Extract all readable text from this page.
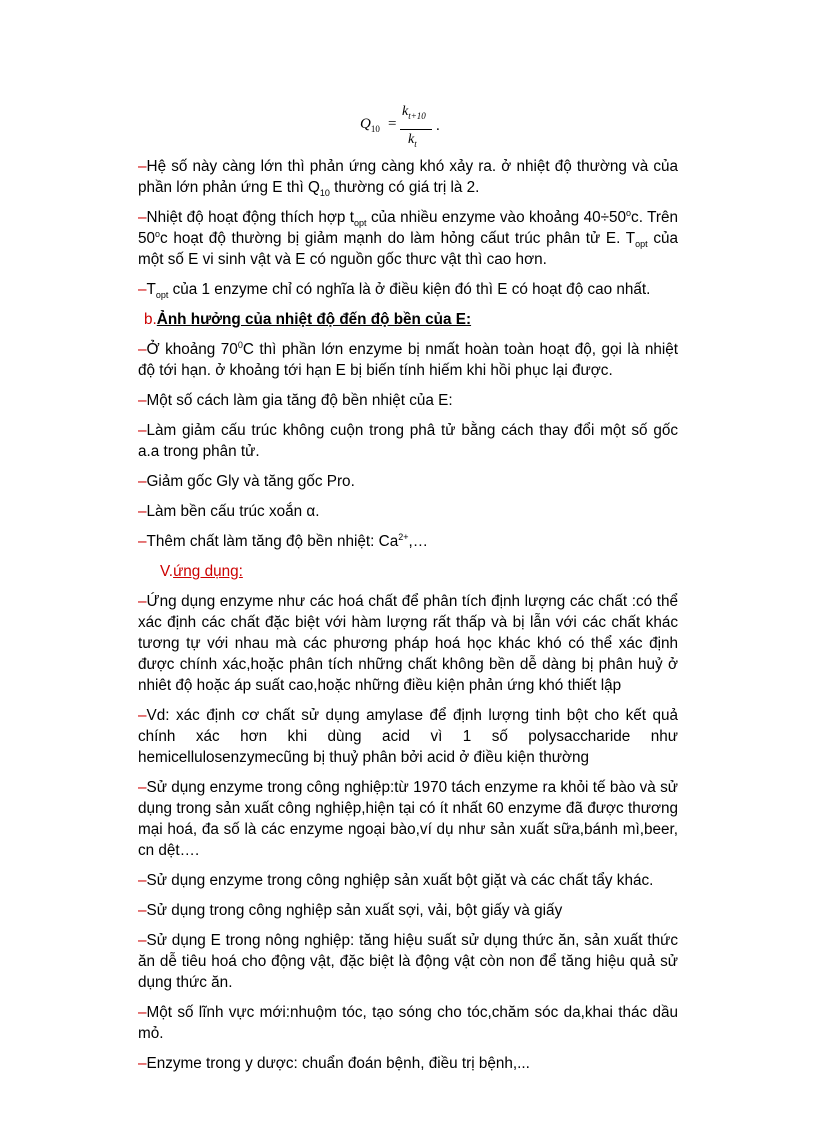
$Q_{10}$ =
$k_{t+10}$
$k_t$
.

–Hệ số này càng lớn thì phản ứng càng khó xảy ra. ở nhiệt độ thường và của phần lớn phản ứng E thì $Q_{10}$ thường có giá trị là 2.

–Nhiệt độ hoạt động thích hợp $t_{opt}$ của nhiều enzyme vào khoảng $40\div 50^oc$. Trên 50$^o$c hoạt độ thường bị giảm mạnh do làm hỏng cấut trúc phân tử E. $T_{opt}$ của một số E vi sinh vật và E có nguồn gốc thưc vật thì cao hơn.

$-T_{opt}$ của 1 enzyme chỉ có nghĩa là ở điều kiện đó thì E có hoạt độ cao nhất.

b.Ảnh hưởng của nhiệt độ đến độ bền của E:

–Ở khoảng $70^0C$ thì phần lớn enzyme bị nmất hoàn toàn hoạt độ, gọi là nhiệt độ tới hạn. ở khoảng tới hạn E bị biến tính hiếm khi hồi phục lại được.

–Một số cách làm gia tăng độ bền nhiệt của E:

–Làm giảm cấu trúc không cuộn trong phâ tử bằng cách thay đổi một số gốc a.a trong phân tử.

–Giảm gốc Gly và tăng gốc Pro.

–Làm bền cấu trúc xoắn α.

–Thêm chất làm tăng độ bền nhiệt: $Ca^{2+},\dots$

V.ứng dụng:

–Ứng dụng enzyme như các hoá chất để phân tích định lượng các chất :có thể xác định các chất đặc biệt với hàm lượng rất thấp và bị lẫn với các chất khác tương tự với nhau mà các phương pháp hoá học khác khó có thể xác định được chính xác,hoặc phân tích những chất không bền dễ dàng bị phân huỷ ở nhiêt độ hoặc áp suất cao,hoặc những điều kiện phản ứng khó thiết lập

–Vd: xác định cơ chất sử dụng amylase để định lượng tinh bột cho kết quả chính xác hơn khi dùng acid vì 1 số polysaccharide như hemicellulosenzymecũng bị thuỷ phân bởi acid ở điều kiện thường

–Sử dụng enzyme trong công nghiệp:từ 1970 tách enzyme ra khỏi tế bào và sử dụng trong sản xuất công nghiệp,hiện tại có ít nhất 60 enzyme đã được thương mại hoá, đa số là các enzyme ngoại bào,ví dụ như sản xuất sữa,bánh mì,beer, cn dệt….

–Sử dụng enzyme trong công nghiệp sản xuất bột giặt và các chất tẩy khác.

–Sử dụng trong công nghiệp sản xuất sợi, vải, bột giấy và giấy

–Sử dụng E trong nông nghiệp: tăng hiệu suất sử dụng thức ăn, sản xuất thức ăn dễ tiêu hoá cho động vật, đặc biệt là động vật còn non để tăng hiệu quả sử dụng thức ăn.

–Một số lĩnh vực mới:nhuộm tóc, tạo sóng cho tóc,chăm sóc da,khai thác dầu mỏ.

–Enzyme trong y dược: chuẩn đoán bệnh, điều trị bệnh,...
